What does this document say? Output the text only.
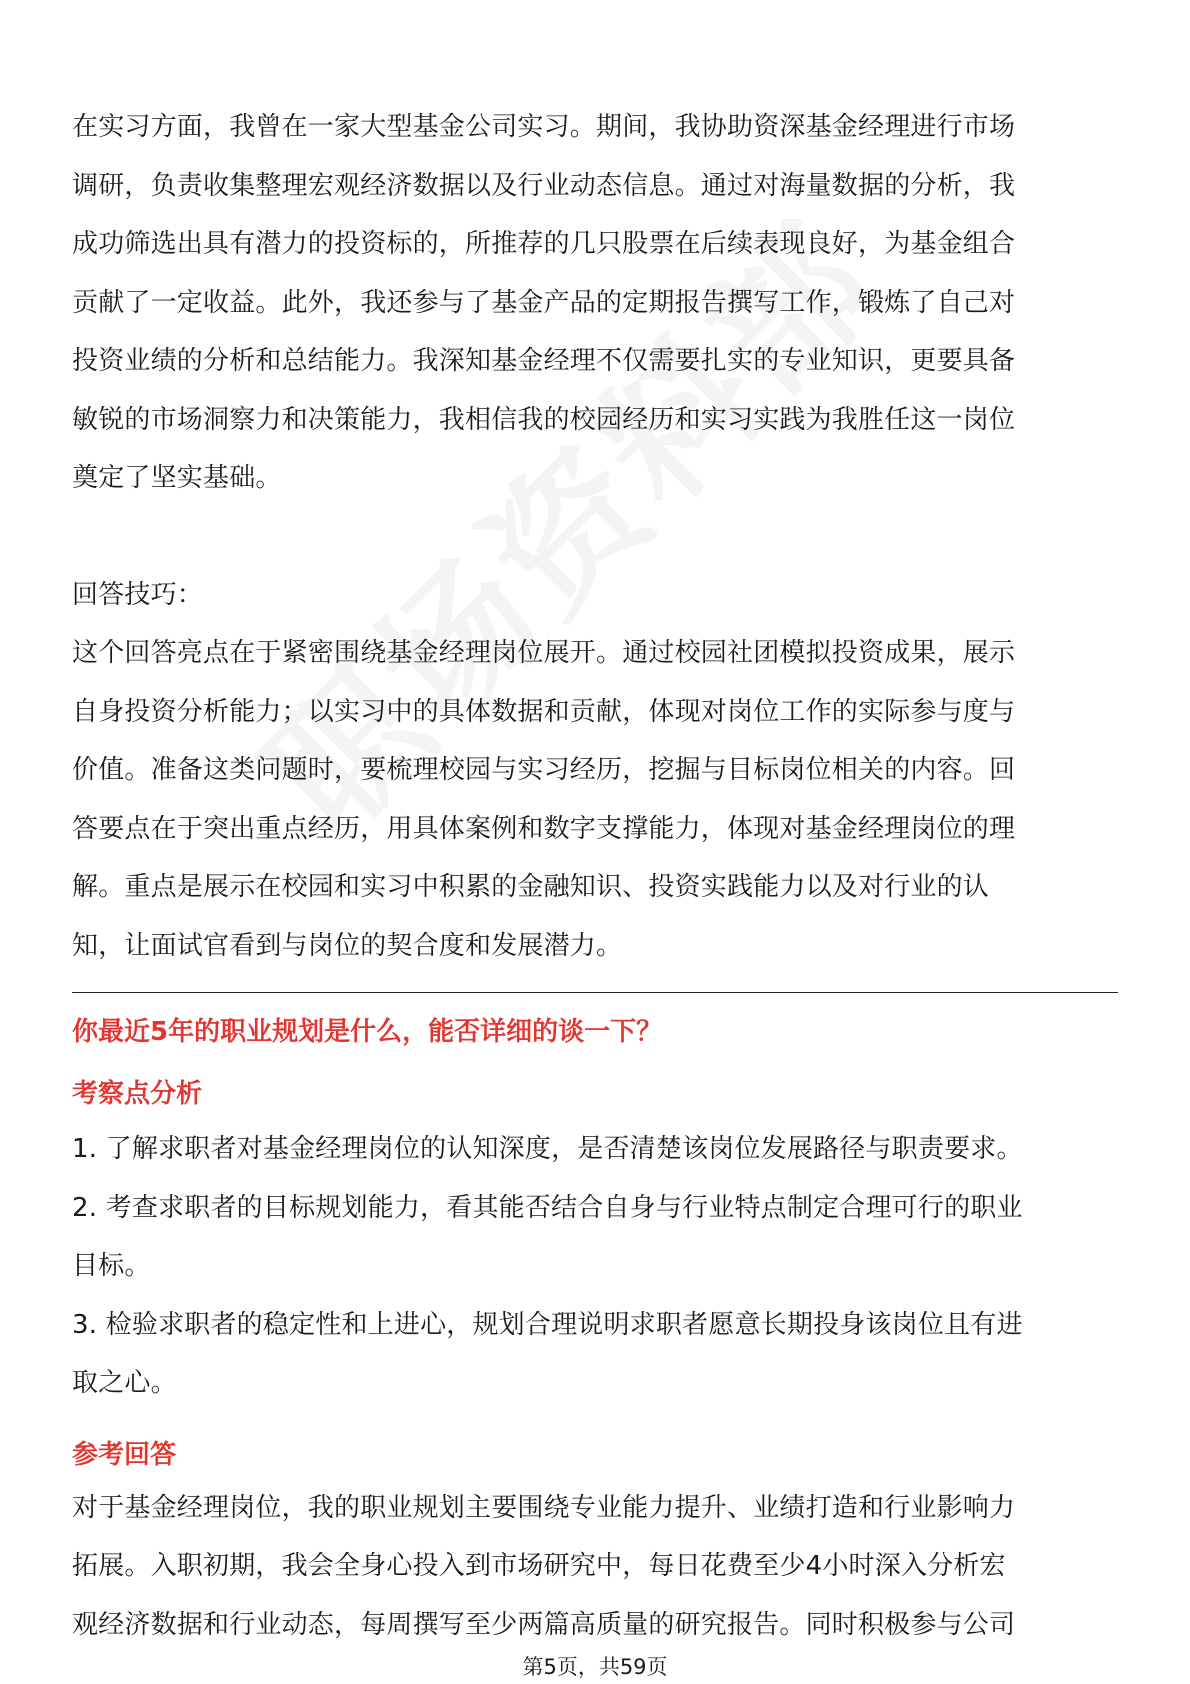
在实习方面，我曾在一家大型基金公司实习。期间，我协助资深基金经理进行市场
调研，负责收集整理宏观经济数据以及行业动态信息。通过对海量数据的分析，我
成功筛选出具有潜力的投资标的，所推荐的几只股票在后续表现良好，为基金组合
贡献了一定收益。此外，我还参与了基金产品的定期报告撰写工作，锻炼了自己对
投资业绩的分析和总结能力。我深知基金经理不仅需要扎实的专业知识，更要具备
敏锐的市场洞察力和决策能力，我相信我的校园经历和实习实践为我胜任这一岗位
奠定了坚实基础。
回答技巧：
这个回答亮点在于紧密围绕基金经理岗位展开。通过校园社团模拟投资成果，展示
自身投资分析能力；以实习中的具体数据和贡献，体现对岗位工作的实际参与度与
价值。准备这类问题时，要梳理校园与实习经历，挖掘与目标岗位相关的内容。回
答要点在于突出重点经历，用具体案例和数字支撑能力，体现对基金经理岗位的理
解。重点是展示在校园和实习中积累的金融知识、投资实践能力以及对行业的认
知，让面试官看到与岗位的契合度和发展潜力。
你最近5年的职业规划是什么，能否详细的谈一下？
考察点分析
1. 了解求职者对基金经理岗位的认知深度，是否清楚该岗位发展路径与职责要求。
2. 考查求职者的目标规划能力，看其能否结合自身与行业特点制定合理可行的职业
目标。
3. 检验求职者的稳定性和上进心，规划合理说明求职者愿意长期投身该岗位且有进
取之心。
参考回答
对于基金经理岗位，我的职业规划主要围绕专业能力提升、业绩打造和行业影响力
拓展。入职初期，我会全身心投入到市场研究中，每日花费至少4小时深入分析宏
观经济数据和行业动态，每周撰写至少两篇高质量的研究报告。同时积极参与公司
第5页，共59页
